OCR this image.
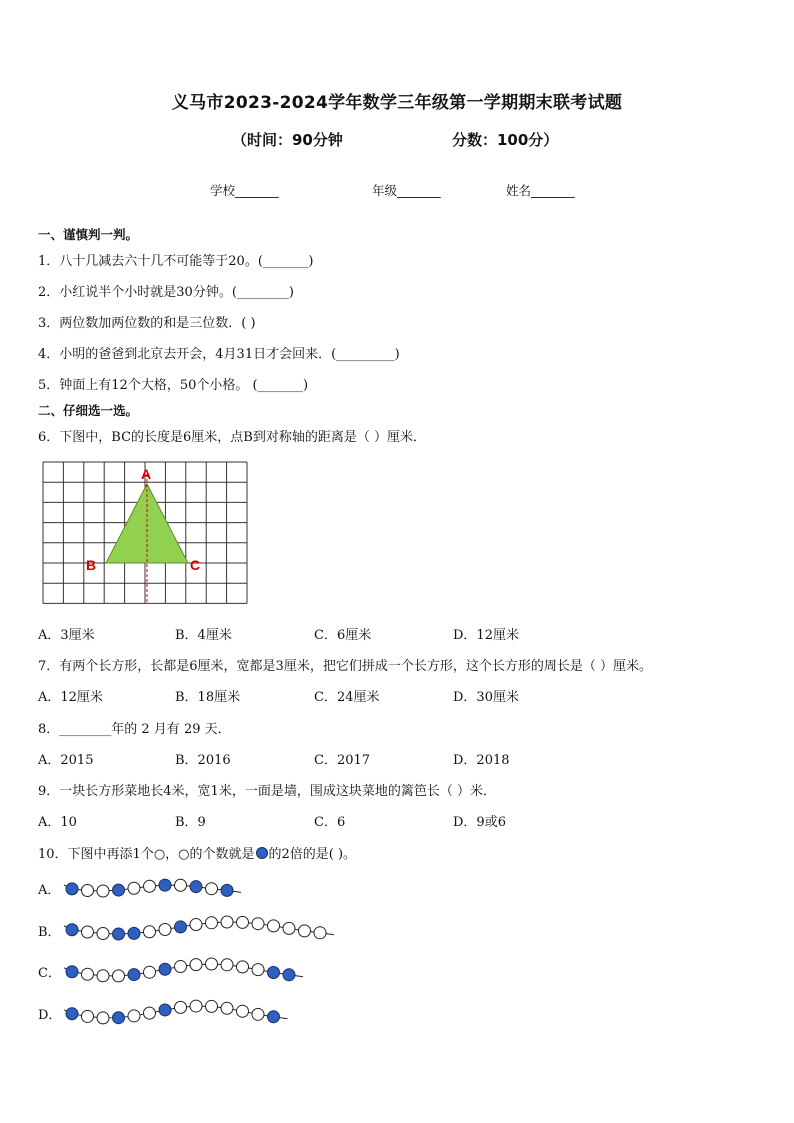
义马市2023-2024学年数学三年级第一学期期末联考试题
（时间：90分钟	分数：100分）
学校_______	年级_______	姓名_______
一、谨慎判一判。
1．八十几减去六十几不可能等于20。(_______)
2．小红说半个小时就是30分钟。(________)
3．两位数加两位数的和是三位数．( )
4．小明的爸爸到北京去开会，4月31日才会回来．(_________)
5．钟面上有12个大格，50个小格。 (_______)
二、仔细选一选。
6．下图中，BC的长度是6厘米，点B到对称轴的距离是（ ）厘米．
A
B	C
A．3厘米	B．4厘米	C．6厘米	D．12厘米
7．有两个长方形，长都是6厘米，宽都是3厘米，把它们拼成一个长方形，这个长方形的周长是（ ）厘米。
A．12厘米	B．18厘米	C．24厘米	D．30厘米
8．________年的 2 月有 29 天．
A．2015	B．2016	C．2017	D．2018
9．一块长方形菜地长4米，宽1米，一面是墙，围成这块菜地的篱笆长（ ）米．
A．10	B．9	C．6	D．9或6
10．下图中再添1个○，○的个数就是 的2倍的是( )。
A．
B．
C．
D．
